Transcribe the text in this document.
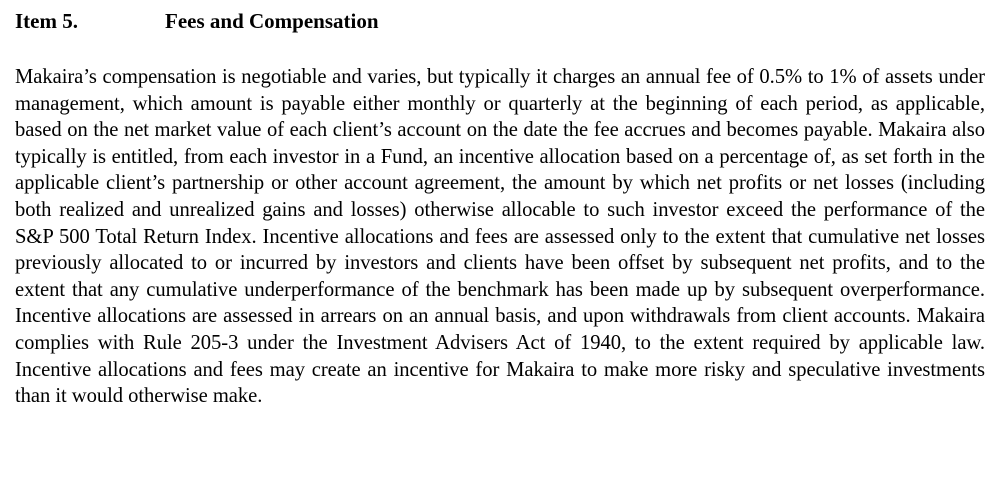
Item 5.	Fees and Compensation

Makaira’s compensation is negotiable and varies, but typically it charges an annual fee of 0.5% to 1% of assets under management, which amount is payable either monthly or quarterly at the beginning of each period, as applicable, based on the net market value of each client’s account on the date the fee accrues and becomes payable. Makaira also typically is entitled, from each investor in a Fund, an incentive allocation based on a percentage of, as set forth in the applicable client’s partnership or other account agreement, the amount by which net profits or net losses (including both realized and unrealized gains and losses) otherwise allocable to such investor exceed the performance of the S&P 500 Total Return Index. Incentive allocations and fees are assessed only to the extent that cumulative net losses previously allocated to or incurred by investors and clients have been offset by subsequent net profits, and to the extent that any cumulative underperformance of the benchmark has been made up by subsequent overperformance. Incentive allocations are assessed in arrears on an annual basis, and upon withdrawals from client accounts. Makaira complies with Rule 205-3 under the Investment Advisers Act of 1940, to the extent required by applicable law. Incentive allocations and fees may create an incentive for Makaira to make more risky and speculative investments than it would otherwise make.
